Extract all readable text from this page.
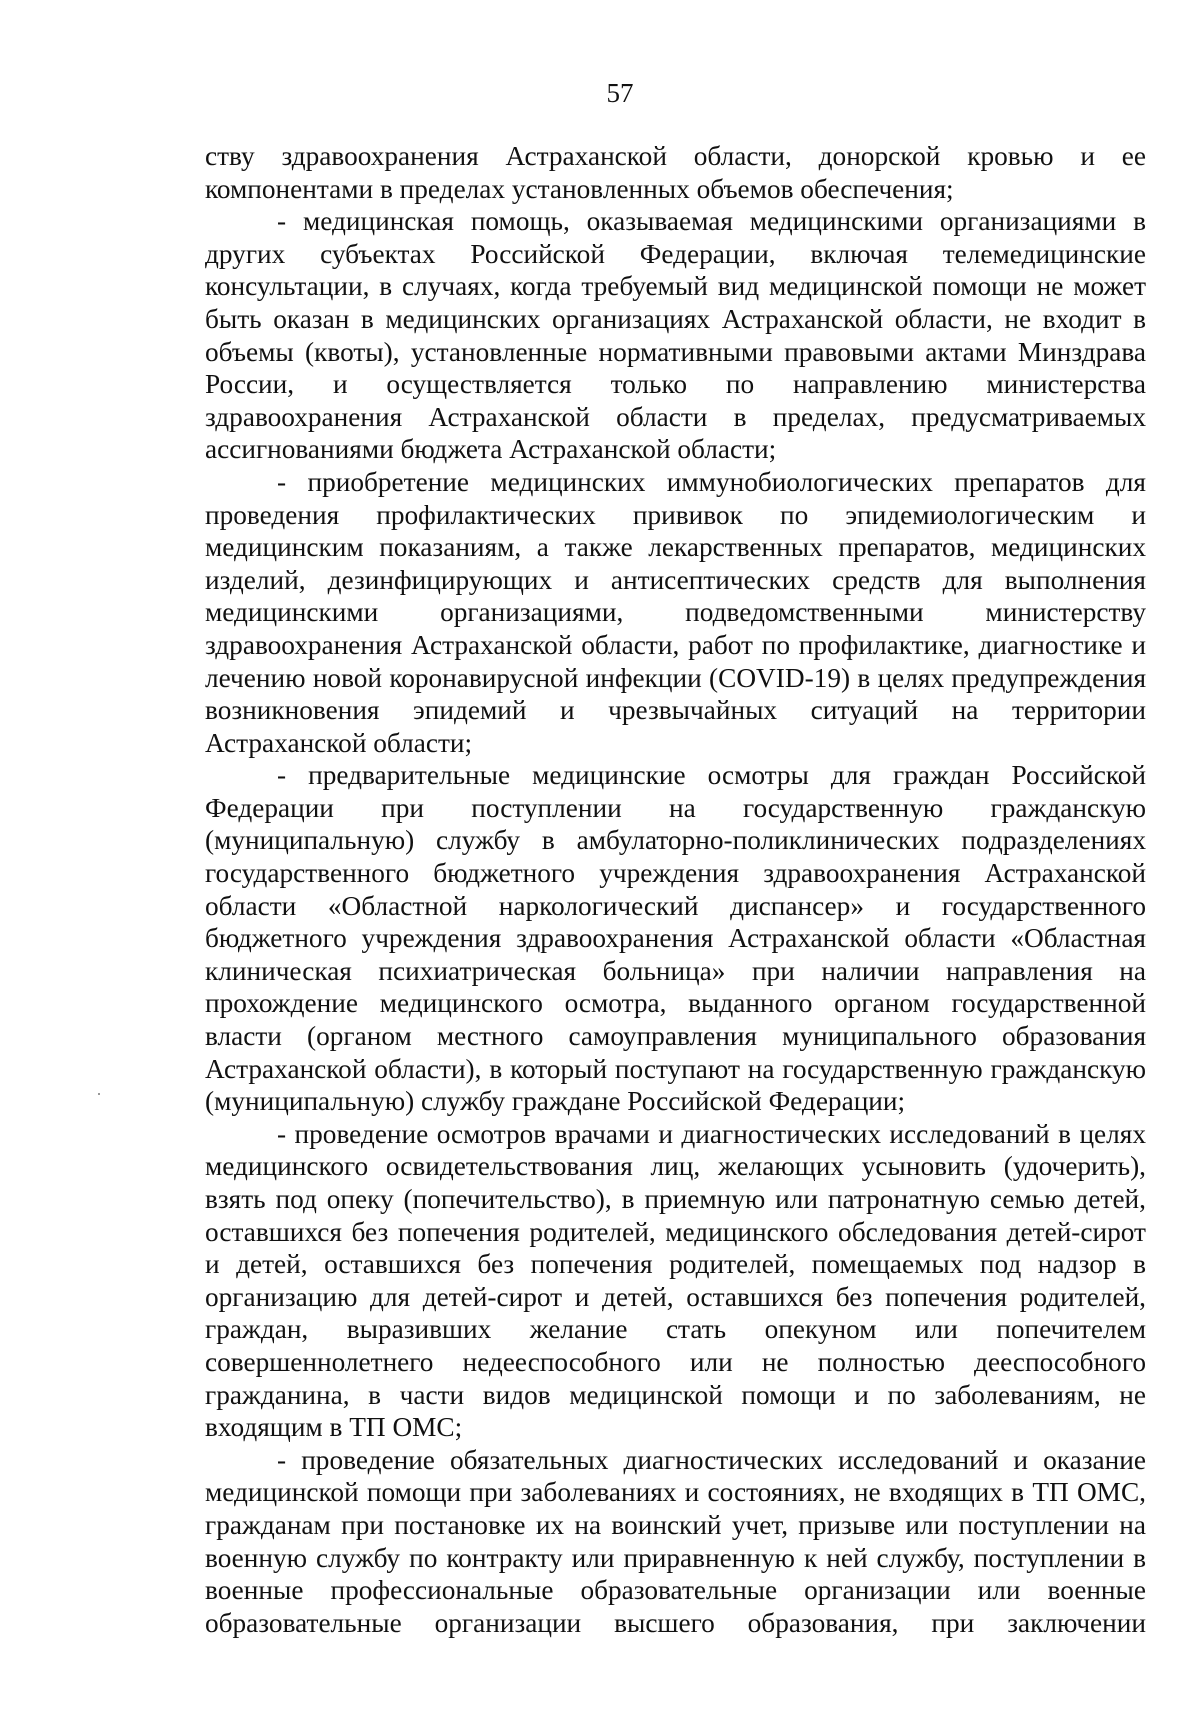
57

ству здравоохранения Астраханской области, донорской кровью и ее компонентами в пределах установленных объемов обеспечения;

- медицинская помощь, оказываемая медицинскими организациями в других субъектах Российской Федерации, включая телемедицинские консультации, в случаях, когда требуемый вид медицинской помощи не может быть оказан в медицинских организациях Астраханской области, не входит в объемы (квоты), установленные нормативными правовыми актами Минздрава России, и осуществляется только по направлению министерства здравоохранения Астраханской области в пределах, предусматриваемых ассигнованиями бюджета Астраханской области;

- приобретение медицинских иммунобиологических препаратов для проведения профилактических прививок по эпидемиологическим и медицинским показаниям, а также лекарственных препаратов, медицинских изделий, дезинфицирующих и антисептических средств для выполнения медицинскими организациями, подведомственными министерству здравоохранения Астраханской области, работ по профилактике, диагностике и лечению новой коронавирусной инфекции (COVID-19) в целях предупреждения возникновения эпидемий и чрезвычайных ситуаций на территории Астраханской области;

- предварительные медицинские осмотры для граждан Российской Федерации при поступлении на государственную гражданскую (муниципальную) службу в амбулаторно-поликлинических подразделениях государственного бюджетного учреждения здравоохранения Астраханской области «Областной наркологический диспансер» и государственного бюджетного учреждения здравоохранения Астраханской области «Областная клиническая психиатрическая больница» при наличии направления на прохождение медицинского осмотра, выданного органом государственной власти (органом местного самоуправления муниципального образования Астраханской области), в который поступают на государственную гражданскую (муниципальную) службу граждане Российской Федерации;

- проведение осмотров врачами и диагностических исследований в целях медицинского освидетельствования лиц, желающих усыновить (удочерить), взять под опеку (попечительство), в приемную или патронатную семью детей, оставшихся без попечения родителей, медицинского обследования детей-сирот и детей, оставшихся без попечения родителей, помещаемых под надзор в организацию для детей-сирот и детей, оставшихся без попечения родителей, граждан, выразивших желание стать опекуном или попечителем совершеннолетнего недееспособного или не полностью дееспособного гражданина, в части видов медицинской помощи и по заболеваниям, не входящим в ТП ОМС;

- проведение обязательных диагностических исследований и оказание медицинской помощи при заболеваниях и состояниях, не входящих в ТП ОМС, гражданам при постановке их на воинский учет, призыве или поступлении на военную службу по контракту или приравненную к ней службу, поступлении в военные профессиональные образовательные организации или военные образовательные организации высшего образования, при заключении
